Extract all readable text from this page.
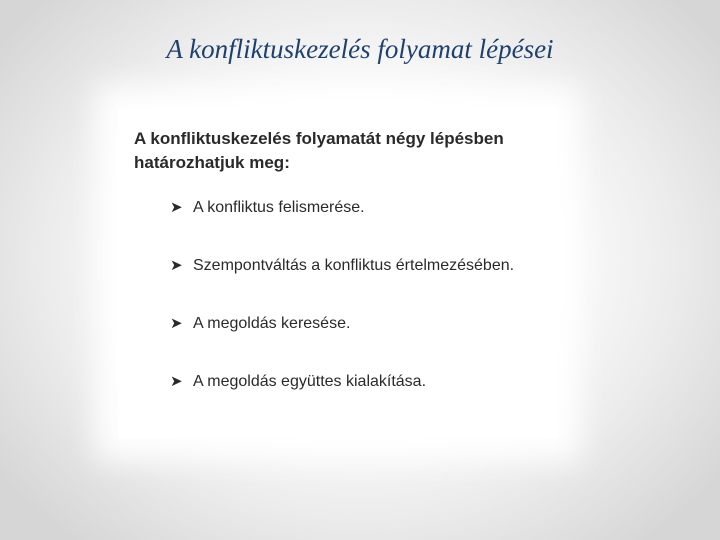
A konfliktuskezelés folyamat lépései

A konfliktuskezelés folyamatát négy lépésben határozhatjuk meg:

➤ A konfliktus felismerése.
➤ Szempontváltás a konfliktus értelmezésében.
➤ A megoldás keresése.
➤ A megoldás együttes kialakítása.
